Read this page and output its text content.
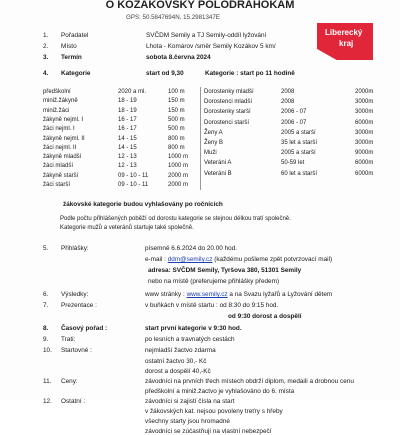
O KOZÁKOVSKÝ POLODRAHOKAM
GPS: 50.5847694N, 15.2981347E
Liberecký
kraj
1. Pořadatel	SVČDM Semily a TJ Semily-oddíl lyžování
2. Místo	Lhota - Komárov /směr Semily Kozákov 5 km/
3. Termín	sobota 8.června 2024
4. Kategorie	start od 9,30	Kategorie : start po 11 hodině
žákovské kategorie budou vyhlašovány po ročnících
Podle počtu přihlášených poběží od dorostu kategorie se stejnou délkou tratí společně.
Kategorie mužů a veteránů startuje také společně.
5. Přihlášky:	písemně 6.6.2024 do 20.00 hod.
e-mail : ddm@semily.cz (každému pošleme zpět potvrzovací mail)
adresa: SVČDM Semily, Tyršova 380, 51301 Semily
nebo na místě (preferujeme přihlášky předem)
6. Výsledky:	www stránky : www.semily.cz a na Svazu lyžařů a Lyžování dětem
7. Prezentace :	v buňkách v místě startu : od 8:30 do 9:15 hod.
od 9:30 dorost a dospělí
8. Časový pořad :	start první kategorie v 9:30 hod.
9. Trati:	po lesních a travnatých cestách
10. Startovné :	nejmladší žactvo zdarma
ostatní žactvo 30,- Kč
dorost a dospělí 40,-Kč
11. Ceny:	závodníci na prvních třech místech obdrží diplom, medaili a drobnou cenu
předškolní a miniž.žactvo je vyhlašováno do 6. místa
12. Ostatní :	závodníci si zajistí čísla na start
v žákovských kat. nejsou povoleny treťry s hřeby
všechny starty jsou hromadné
závodníci se zúčastňují na vlastní nebezpečí
předškolní	2020 a ml.	100 m
miniž.žákyně	18 - 19	150 m
miniž.žáci	18 - 19	150 m
žákyně nejml. I	16 - 17	500 m
žáci nejml. I	16 - 17	500 m
žákyně nejml. II	14 - 15	800 m
žáci nejml. II	14 - 15	800 m
žákyně mladší	12 - 13	1000 m
žáci mladší	12 - 13	1000 m
žákyně starší	09 - 10 - 11	2000 m
žáci starší	09 - 10 - 11	2000 m
Dorostenky mladší	2008	2000m
Dorostenci mladší	2008	3000m
Dorostenky starší	2006 - 07	3000m
Dorostenci starší	2006 - 07	6000m
Ženy A	2005 a starší	3000m
Ženy B	35 let a starší	3000m
Muži	2005 a starší	9000m
Veteráni A	50-59 let	6000m
Veteráni B	60 let a starší	6000m
